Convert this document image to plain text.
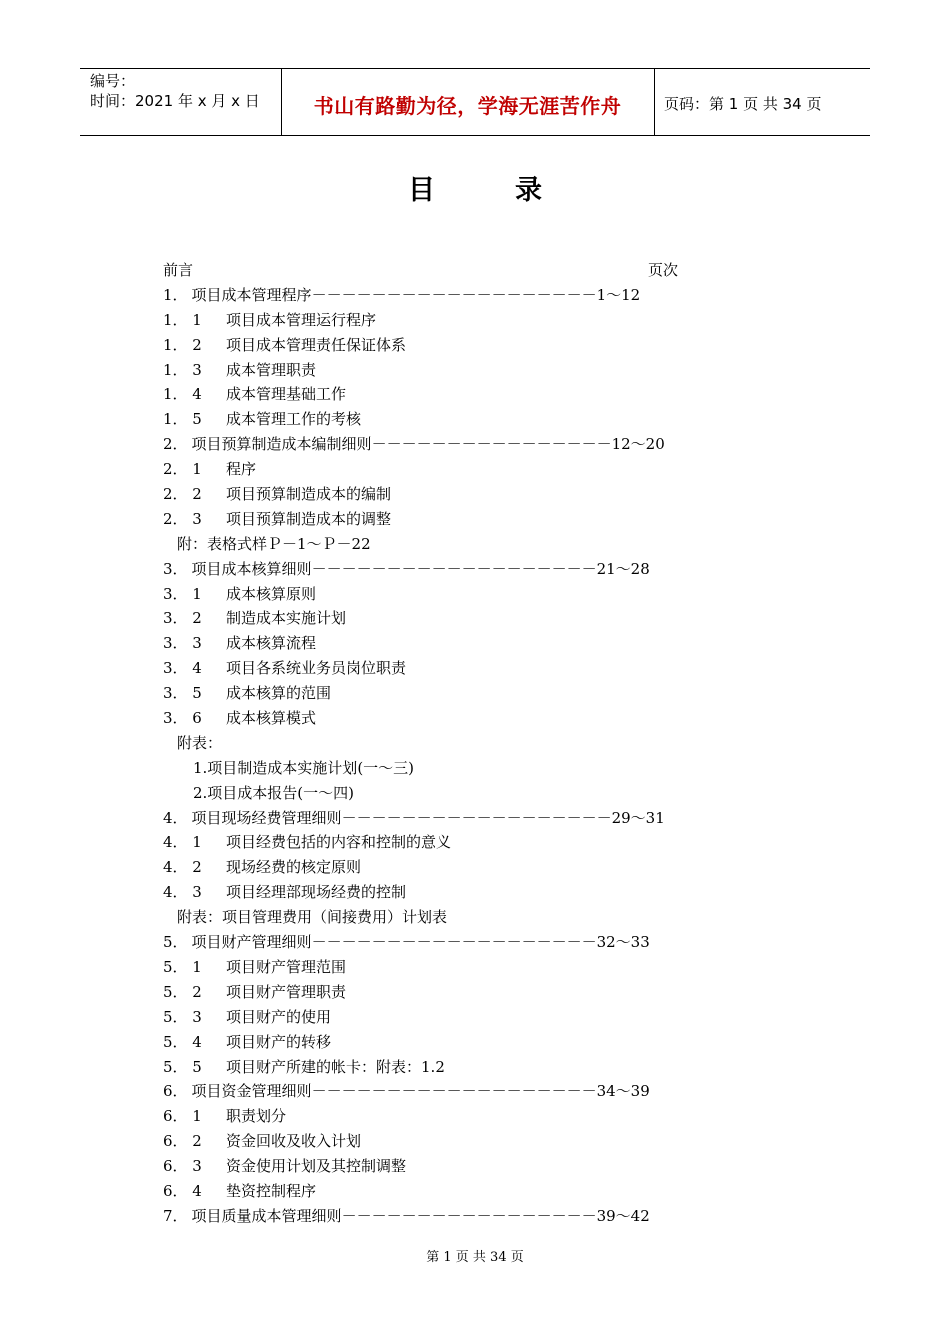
编号：
时间：2021 年 x 月 x 日	书山有路勤为径，学海无涯苦作舟	页码：第 1 页 共 34 页
目	录
前言	页次
1． 项目成本管理程序－－－－－－－－－－－－－－－－－－－1～12
1． 1 项目成本管理运行程序
1． 2 项目成本管理责任保证体系
1． 3 成本管理职责
1． 4 成本管理基础工作
1． 5 成本管理工作的考核
2． 项目预算制造成本编制细则－－－－－－－－－－－－－－－－12～20
2． 1 程序
2． 2 项目预算制造成本的编制
2． 3 项目预算制造成本的调整
附：表格式样Ｐ－1～Ｐ－22
3． 项目成本核算细则－－－－－－－－－－－－－－－－－－－21～28
3． 1 成本核算原则
3． 2 制造成本实施计划
3． 3 成本核算流程
3． 4 项目各系统业务员岗位职责
3． 5 成本核算的范围
3． 6 成本核算模式
附表：
1.项目制造成本实施计划(一～三)
2.项目成本报告(一～四)
4． 项目现场经费管理细则－－－－－－－－－－－－－－－－－－29～31
4． 1 项目经费包括的内容和控制的意义
4． 2 现场经费的核定原则
4． 3 项目经理部现场经费的控制
附表：项目管理费用（间接费用）计划表
5． 项目财产管理细则－－－－－－－－－－－－－－－－－－－32～33
5． 1 项目财产管理范围
5． 2 项目财产管理职责
5． 3 项目财产的使用
5． 4 项目财产的转移
5． 5 项目财产所建的帐卡：附表：1.2
6． 项目资金管理细则－－－－－－－－－－－－－－－－－－－34～39
6． 1 职责划分
6． 2 资金回收及收入计划
6． 3 资金使用计划及其控制调整
6． 4 垫资控制程序
7． 项目质量成本管理细则－－－－－－－－－－－－－－－－－39～42
第 1 页 共 34 页
